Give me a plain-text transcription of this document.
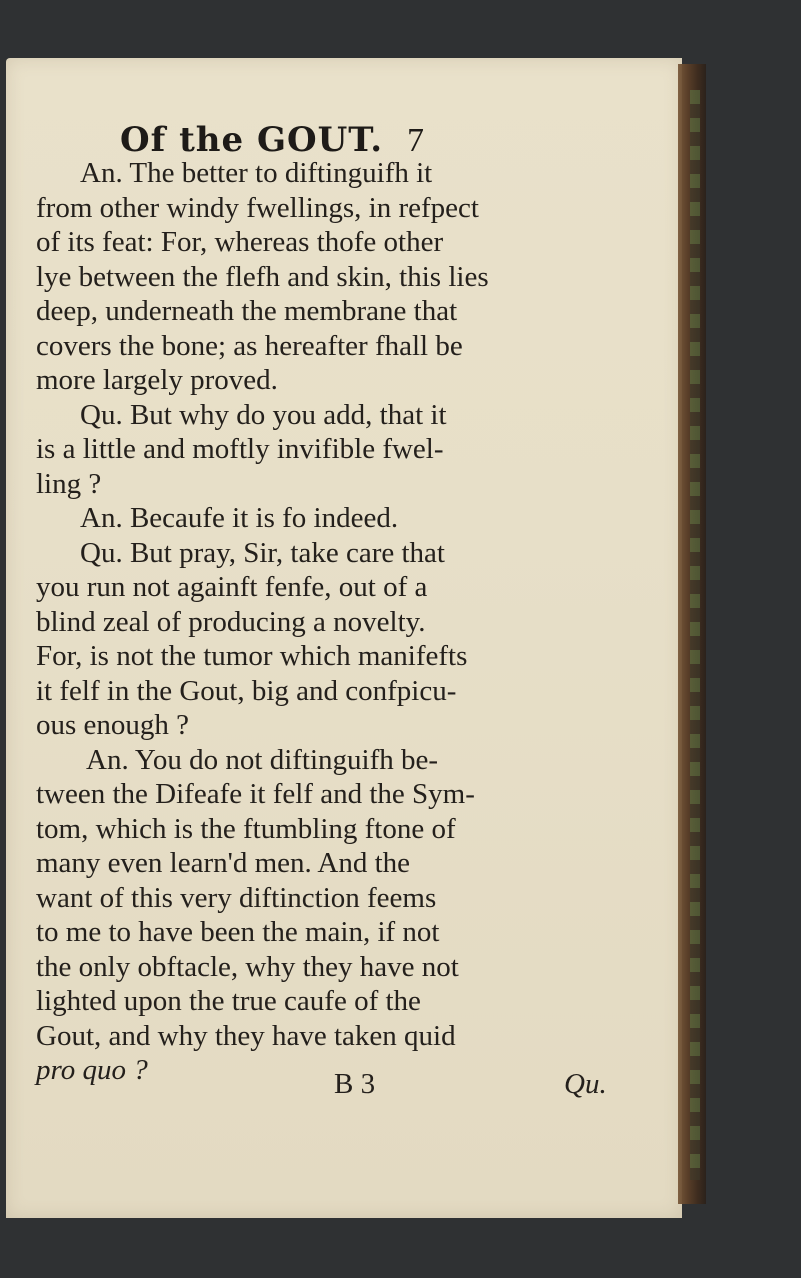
Of the GOUT. 7
An. The better to diftinguifh it
from other windy fwellings, in refpect
of its feat: For, whereas thofe other
lye between the flefh and skin, this lies
deep, underneath the membrane that
covers the bone; as hereafter fhall be
more largely proved.
Qu. But why do you add, that it
is a little and moftly invifible fwel-
ling ?
An. Becaufe it is fo indeed.
Qu. But pray, Sir, take care that
you run not againft fenfe, out of a
blind zeal of producing a novelty.
For, is not the tumor which manifefts
it felf in the Gout, big and confpicu-
ous enough ?
An. You do not diftinguifh be-
tween the Difeafe it felf and the Sym-
tom, which is the ftumbling ftone of
many even learn'd men. And the
want of this very diftinction feems
to me to have been the main, if not
the only obftacle, why they have not
lighted upon the true caufe of the
Gout, and why they have taken quid
pro quo ?	B 3	Qu.
